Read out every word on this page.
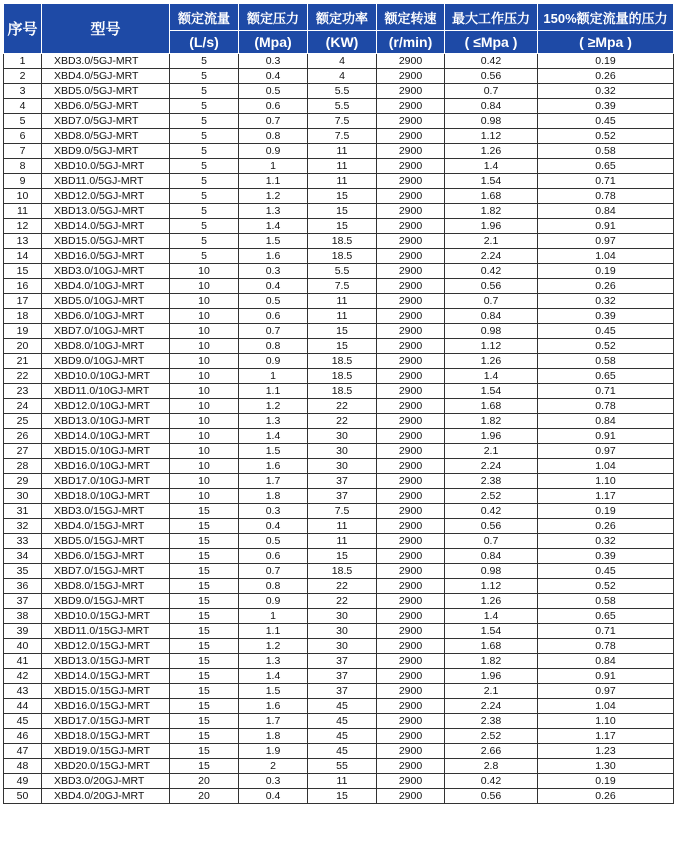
序号	型号	额定流量	额定压力	额定功率	额定转速	最大工作压力	150%额定流量的压力
		(L/s)	(Mpa)	(KW)	(r/min)	( ≤Mpa )	( ≥Mpa )
1	XBD3.0/5GJ-MRT	5	0.3	4	2900	0.42	0.19
2	XBD4.0/5GJ-MRT	5	0.4	4	2900	0.56	0.26
3	XBD5.0/5GJ-MRT	5	0.5	5.5	2900	0.7	0.32
4	XBD6.0/5GJ-MRT	5	0.6	5.5	2900	0.84	0.39
5	XBD7.0/5GJ-MRT	5	0.7	7.5	2900	0.98	0.45
6	XBD8.0/5GJ-MRT	5	0.8	7.5	2900	1.12	0.52
7	XBD9.0/5GJ-MRT	5	0.9	11	2900	1.26	0.58
8	XBD10.0/5GJ-MRT	5	1	11	2900	1.4	0.65
9	XBD11.0/5GJ-MRT	5	1.1	11	2900	1.54	0.71
10	XBD12.0/5GJ-MRT	5	1.2	15	2900	1.68	0.78
11	XBD13.0/5GJ-MRT	5	1.3	15	2900	1.82	0.84
12	XBD14.0/5GJ-MRT	5	1.4	15	2900	1.96	0.91
13	XBD15.0/5GJ-MRT	5	1.5	18.5	2900	2.1	0.97
14	XBD16.0/5GJ-MRT	5	1.6	18.5	2900	2.24	1.04
15	XBD3.0/10GJ-MRT	10	0.3	5.5	2900	0.42	0.19
16	XBD4.0/10GJ-MRT	10	0.4	7.5	2900	0.56	0.26
17	XBD5.0/10GJ-MRT	10	0.5	11	2900	0.7	0.32
18	XBD6.0/10GJ-MRT	10	0.6	11	2900	0.84	0.39
19	XBD7.0/10GJ-MRT	10	0.7	15	2900	0.98	0.45
20	XBD8.0/10GJ-MRT	10	0.8	15	2900	1.12	0.52
21	XBD9.0/10GJ-MRT	10	0.9	18.5	2900	1.26	0.58
22	XBD10.0/10GJ-MRT	10	1	18.5	2900	1.4	0.65
23	XBD11.0/10GJ-MRT	10	1.1	18.5	2900	1.54	0.71
24	XBD12.0/10GJ-MRT	10	1.2	22	2900	1.68	0.78
25	XBD13.0/10GJ-MRT	10	1.3	22	2900	1.82	0.84
26	XBD14.0/10GJ-MRT	10	1.4	30	2900	1.96	0.91
27	XBD15.0/10GJ-MRT	10	1.5	30	2900	2.1	0.97
28	XBD16.0/10GJ-MRT	10	1.6	30	2900	2.24	1.04
29	XBD17.0/10GJ-MRT	10	1.7	37	2900	2.38	1.10
30	XBD18.0/10GJ-MRT	10	1.8	37	2900	2.52	1.17
31	XBD3.0/15GJ-MRT	15	0.3	7.5	2900	0.42	0.19
32	XBD4.0/15GJ-MRT	15	0.4	11	2900	0.56	0.26
33	XBD5.0/15GJ-MRT	15	0.5	11	2900	0.7	0.32
34	XBD6.0/15GJ-MRT	15	0.6	15	2900	0.84	0.39
35	XBD7.0/15GJ-MRT	15	0.7	18.5	2900	0.98	0.45
36	XBD8.0/15GJ-MRT	15	0.8	22	2900	1.12	0.52
37	XBD9.0/15GJ-MRT	15	0.9	22	2900	1.26	0.58
38	XBD10.0/15GJ-MRT	15	1	30	2900	1.4	0.65
39	XBD11.0/15GJ-MRT	15	1.1	30	2900	1.54	0.71
40	XBD12.0/15GJ-MRT	15	1.2	30	2900	1.68	0.78
41	XBD13.0/15GJ-MRT	15	1.3	37	2900	1.82	0.84
42	XBD14.0/15GJ-MRT	15	1.4	37	2900	1.96	0.91
43	XBD15.0/15GJ-MRT	15	1.5	37	2900	2.1	0.97
44	XBD16.0/15GJ-MRT	15	1.6	45	2900	2.24	1.04
45	XBD17.0/15GJ-MRT	15	1.7	45	2900	2.38	1.10
46	XBD18.0/15GJ-MRT	15	1.8	45	2900	2.52	1.17
47	XBD19.0/15GJ-MRT	15	1.9	45	2900	2.66	1.23
48	XBD20.0/15GJ-MRT	15	2	55	2900	2.8	1.30
49	XBD3.0/20GJ-MRT	20	0.3	11	2900	0.42	0.19
50	XBD4.0/20GJ-MRT	20	0.4	15	2900	0.56	0.26
